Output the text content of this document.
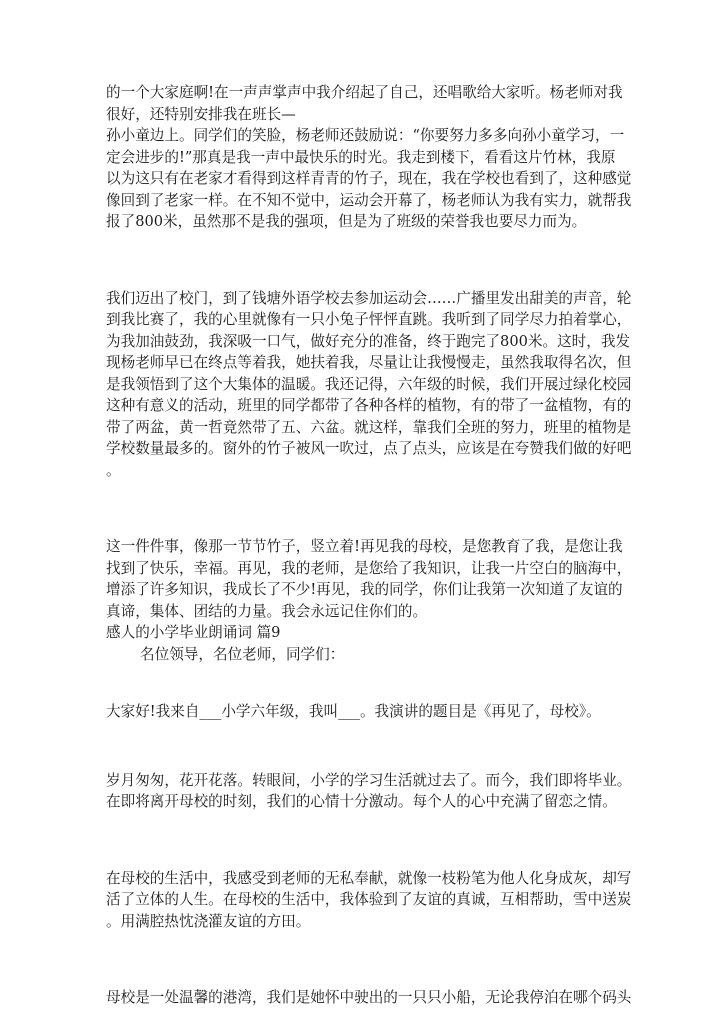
的一个大家庭啊!在一声声掌声中我介绍起了自己，还唱歌给大家听。杨老师对我
很好，还特别安排我在班长—
孙小童边上。同学们的笑脸，杨老师还鼓励说：“你要努力多多向孙小童学习，一
定会进步的!”那真是我一声中最快乐的时光。我走到楼下，看看这片竹林，我原
以为这只有在老家才看得到这样青青的竹子，现在，我在学校也看到了，这种感觉
像回到了老家一样。在不知不觉中，运动会开幕了，杨老师认为我有实力，就帮我
报了800米，虽然那不是我的强项，但是为了班级的荣誉我也要尽力而为。
我们迈出了校门，到了钱塘外语学校去参加运动会……广播里发出甜美的声音，轮
到我比赛了，我的心里就像有一只小兔子怦怦直跳。我听到了同学尽力拍着掌心，
为我加油鼓劲，我深吸一口气，做好充分的准备，终于跑完了800米。这时，我发
现杨老师早已在终点等着我，她扶着我，尽量让让我慢慢走，虽然我取得名次，但
是我领悟到了这个大集体的温暖。我还记得，六年级的时候，我们开展过绿化校园
这种有意义的活动，班里的同学都带了各种各样的植物，有的带了一盆植物，有的
带了两盆，黄一哲竟然带了五、六盆。就这样，靠我们全班的努力，班里的植物是
学校数量最多的。窗外的竹子被风一吹过，点了点头，应该是在夸赞我们做的好吧
。
这一件件事，像那一节节竹子，竖立着!再见我的母校，是您教育了我，是您让我
找到了快乐，幸福。再见，我的老师，是您给了我知识，让我一片空白的脑海中，
增添了许多知识，我成长了不少!再见，我的同学，你们让我第一次知道了友谊的
真谛，集体、团结的力量。我会永远记住你们的。
感人的小学毕业朗诵词 篇9
名位领导，名位老师，同学们：
大家好!我来自___小学六年级，我叫___。我演讲的题目是《再见了，母校》。
岁月匆匆，花开花落。转眼间，小学的学习生活就过去了。而今，我们即将毕业。
在即将离开母校的时刻，我们的心情十分激动。每个人的心中充满了留恋之情。
在母校的生活中，我感受到老师的无私奉献，就像一枝粉笔为他人化身成灰，却写
活了立体的人生。在母校的生活中，我体验到了友谊的真诚，互相帮助，雪中送炭
。用满腔热忱浇灌友谊的方田。
母校是一处温馨的港湾，我们是她怀中驶出的一只只小船，无论我停泊在哪个码头
